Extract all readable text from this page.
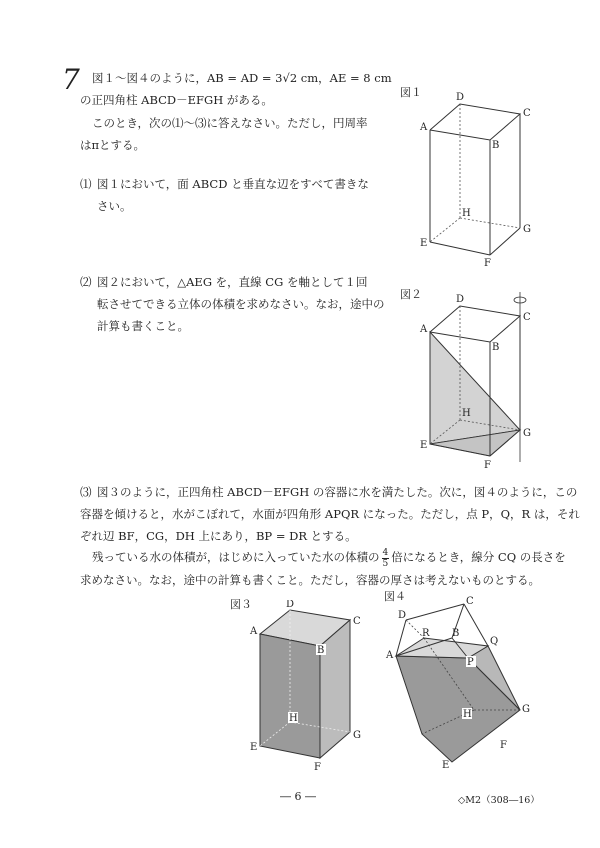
7 図１～図４のように，AB = AD = 3√2 cm，AE = 8 cm
の正四角柱 ABCD－EFGH がある。
このとき，次の⑴～⑶に答えなさい。ただし，円周率
はπとする。
⑴ 図１において，面 ABCD と垂直な辺をすべて書きな
さい。
⑵ 図２において，△AEG を，直線 CG を軸として１回
転させてできる立体の体積を求めなさい。なお，途中の
計算も書くこと。
図１
A
D
C
B
H
E
G
F
図２
A
D
C
B
H
E
G
F
⑶ 図３のように，正四角柱 ABCD－EFGH の容器に水を満たした。次に，図４のように，この
容器を傾けると，水がこぼれて，水面が四角形 APQR になった。ただし，点 P，Q，R は，それ
ぞれ辺 BF，CG，DH 上にあり，BP = DR とする。
残っている水の体積が，はじめに入っていた水の体積の $\frac{4}{5}$ 倍になるとき，線分 CQ の長さを
求めなさい。なお，途中の計算も書くこと。ただし，容器の厚さは考えないものとする。
図３
A
D
C
B
H
E
G
F
図４
D
C
R B
Q
A
P
H	G
F
E
― 6 ―	◇M2（308―16）
